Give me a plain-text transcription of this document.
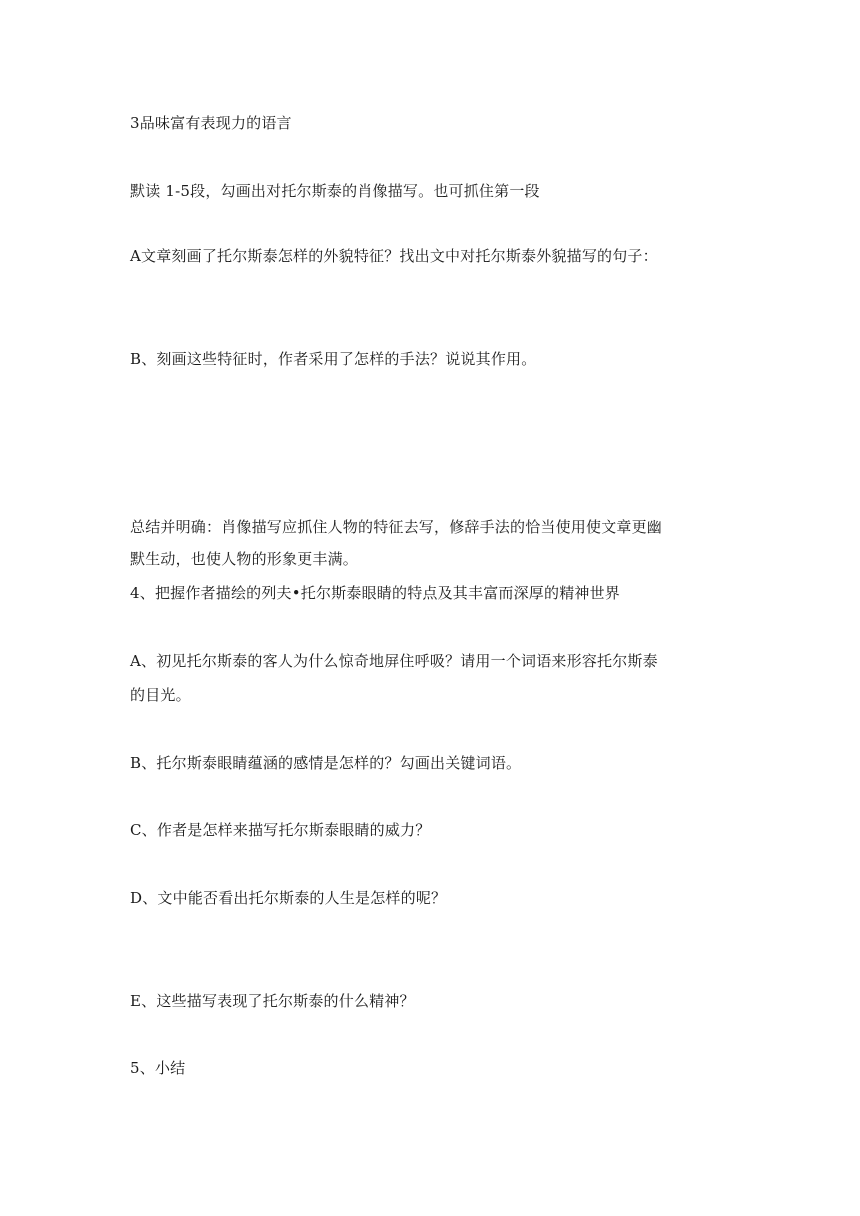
3品味富有表现力的语言
默读 1-5段，勾画出对托尔斯泰的肖像描写。也可抓住第一段
A文章刻画了托尔斯泰怎样的外貌特征？找出文中对托尔斯泰外貌描写的句子：
B、刻画这些特征时，作者采用了怎样的手法？说说其作用。
总结并明确：肖像描写应抓住人物的特征去写，修辞手法的恰当使用使文章更幽
默生动，也使人物的形象更丰满。
4、把握作者描绘的列夫•托尔斯泰眼睛的特点及其丰富而深厚的精神世界
A、初见托尔斯泰的客人为什么惊奇地屏住呼吸？请用一个词语来形容托尔斯泰
的目光。
B、托尔斯泰眼睛蕴涵的感情是怎样的？勾画出关键词语。
C、作者是怎样来描写托尔斯泰眼睛的威力？
D、文中能否看出托尔斯泰的人生是怎样的呢？
E、这些描写表现了托尔斯泰的什么精神？
5、小结
